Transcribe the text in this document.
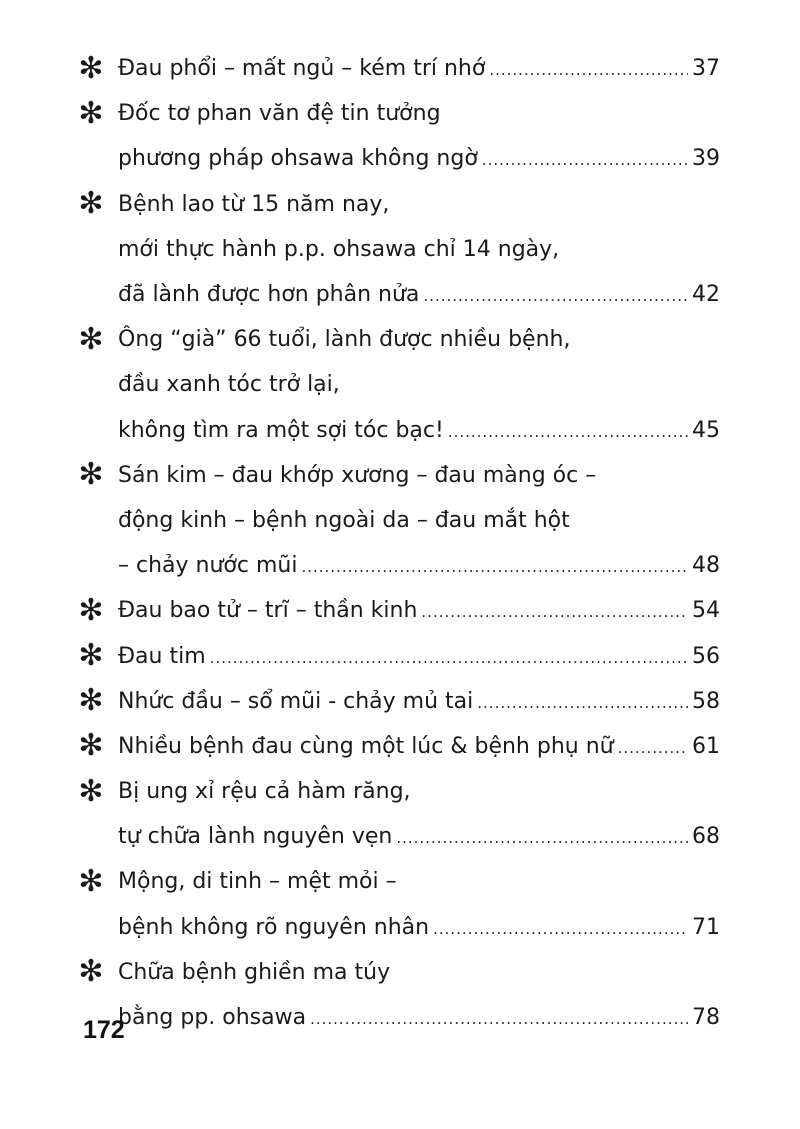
✻ Đau phổi – mất ngủ – kém trí nhớ .....	37
✻ Đốc tơ phan văn đệ tin tưởng
phương pháp ohsawa không ngờ .....	39
✻ Bệnh lao từ 15 năm nay,
mới thực hành p.p. ohsawa chỉ 14 ngày,
đã lành được hơn phân nửa .....	42
✻ Ông “già” 66 tuổi, lành được nhiều bệnh,
đầu xanh tóc trở lại,
không tìm ra một sợi tóc bạc! .....	45
✻ Sán kim – đau khớp xương – đau màng óc –
động kinh – bệnh ngoài da – đau mắt hột
– chảy nước mũi .....	48
✻ Đau bao tử – trĩ – thần kinh .....	54
✻ Đau tim .....	56
✻ Nhức đầu – sổ mũi - chảy mủ tai .....	58
✻ Nhiều bệnh đau cùng một lúc & bệnh phụ nữ .....	61
✻ Bị ung xỉ rệu cả hàm răng,
tự chữa lành nguyên vẹn .....	68
✻ Mộng, di tinh – mệt mỏi –
bệnh không rõ nguyên nhân .....	71
✻ Chữa bệnh ghiền ma túy
bằng pp. ohsawa .....	78
172
